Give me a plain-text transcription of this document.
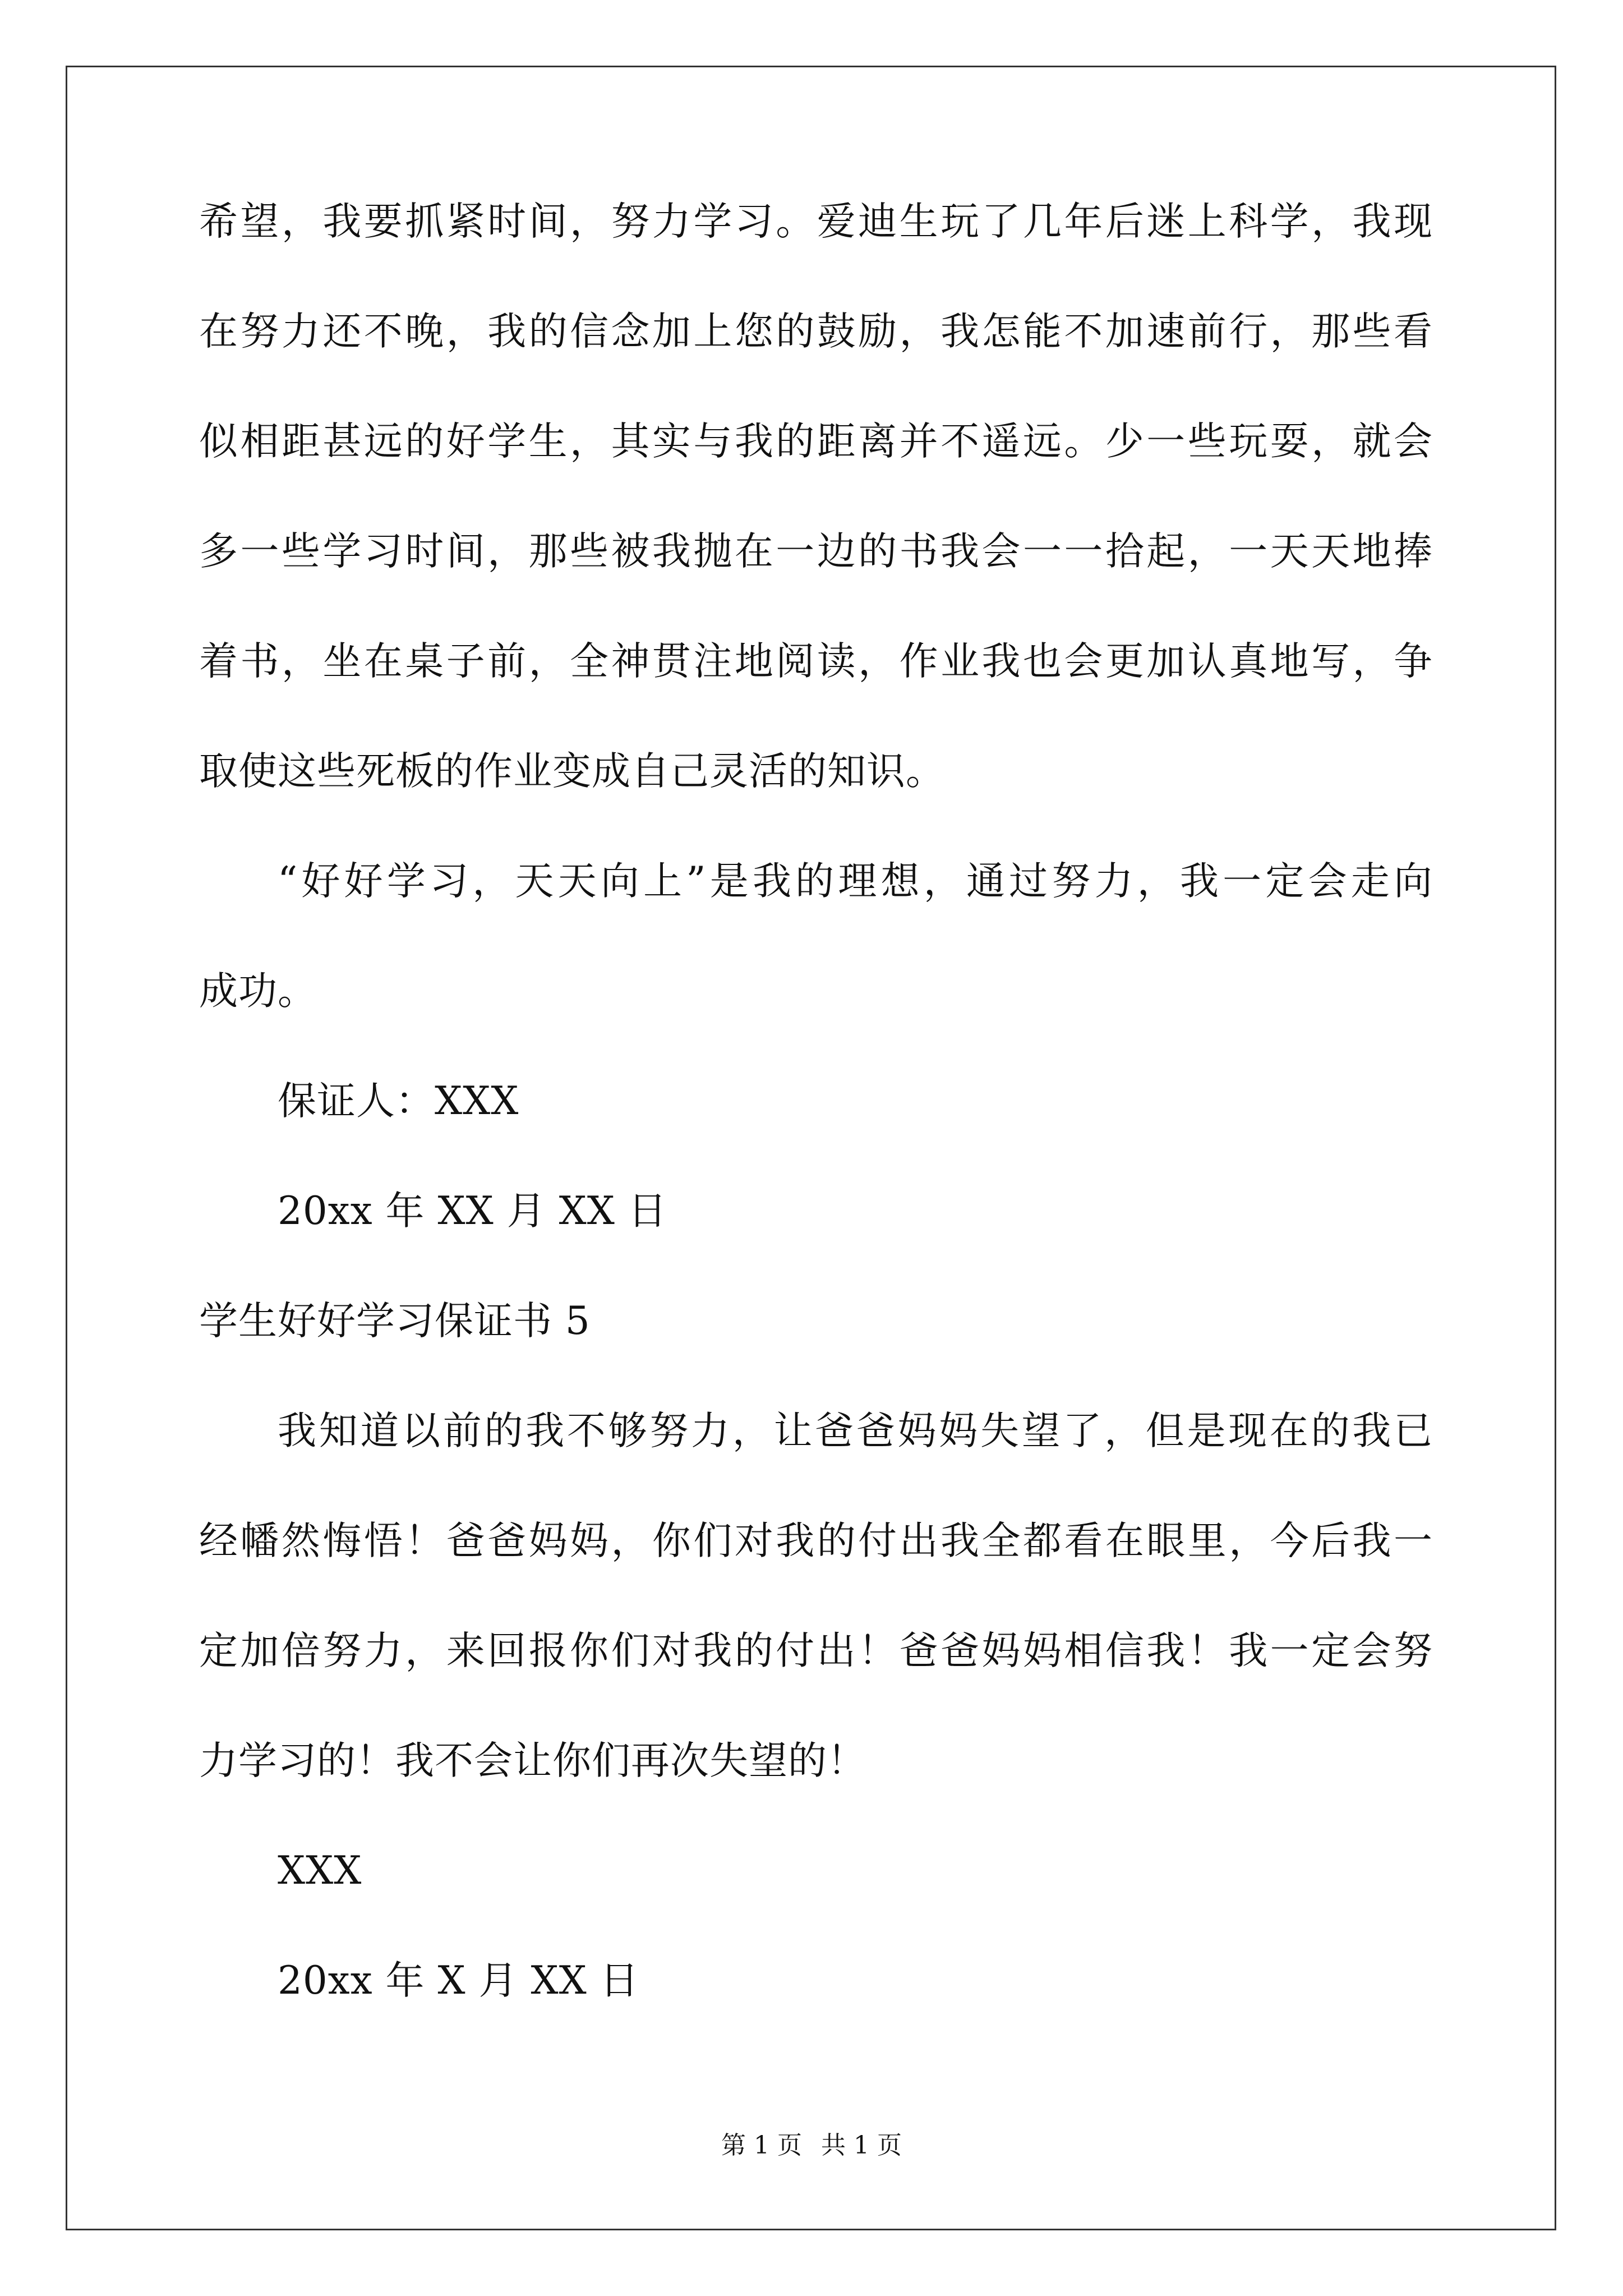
希望，我要抓紧时间，努力学习。爱迪生玩了几年后迷上科学，我现
在努力还不晚，我的信念加上您的鼓励，我怎能不加速前行，那些看
似相距甚远的好学生，其实与我的距离并不遥远。少一些玩耍，就会
多一些学习时间，那些被我抛在一边的书我会一一拾起，一天天地捧
着书，坐在桌子前，全神贯注地阅读，作业我也会更加认真地写，争
取使这些死板的作业变成自己灵活的知识。
“好好学习，天天向上”是我的理想，通过努力，我一定会走向
成功。
保证人：XXX
20xx 年 XX 月 XX 日
学生好好学习保证书 5
我知道以前的我不够努力，让爸爸妈妈失望了，但是现在的我已
经幡然悔悟！爸爸妈妈，你们对我的付出我全都看在眼里，今后我一
定加倍努力，来回报你们对我的付出！爸爸妈妈相信我！我一定会努
力学习的！我不会让你们再次失望的！
XXX
20xx 年 X 月 XX 日
第 1 页 共 1 页
